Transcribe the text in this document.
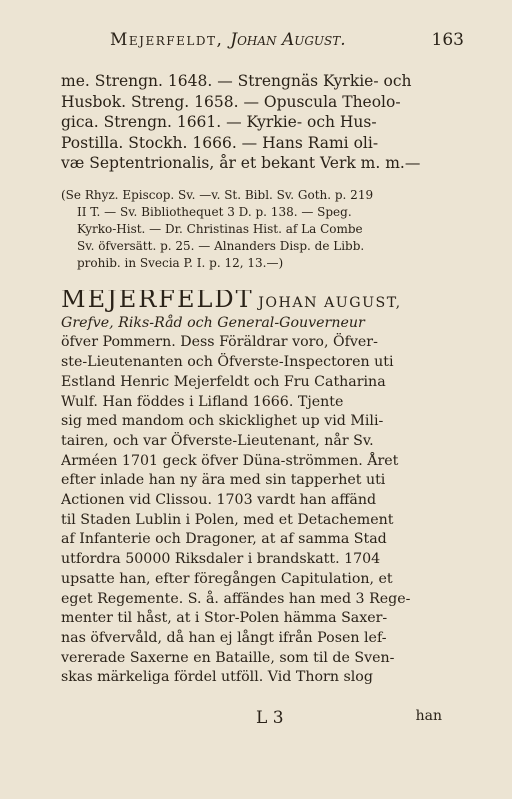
Mejerfeldt, Johan August.	163
me. Strengn. 1648. — Strengnäs Kyrkie- och
Husbok. Streng. 1658. — Opuscula Theolo-
gica. Strengn. 1661. — Kyrkie- och Hus-
Postilla. Stockh. 1666. — Hans Rami oli-
væ Septentrionalis, år et bekant Verk m. m.—
(Se Rhyz. Episcop. Sv. —v. St. Bibl. Sv. Goth. p. 219
II T. — Sv. Bibliothequet 3 D. p. 138. — Speg.
Kyrko-Hist. — Dr. Christinas Hist. af La Combe
Sv. öfversätt. p. 25. — Alnanders Disp. de Libb.
prohib. in Svecia P. I. p. 12, 13.—)
MEJERFELDT JOHAN AUGUST,
Grefve, Riks-Råd och General-Gouverneur
öfver Pommern. Dess Föräldrar voro, Öfver-
ste-Lieutenanten och Öfverste-Inspectoren uti
Estland Henric Mejerfeldt och Fru Catharina
Wulf. Han föddes i Lifland 1666. Tjente
sig med mandom och skicklighet up vid Mili-
tairen, och var Öfverste-Lieutenant, når Sv.
Arméen 1701 geck öfver Düna-strömmen. Året
efter inlade han ny ära med sin tapperhet uti
Actionen vid Clissou. 1703 vardt han affänd
til Staden Lublin i Polen, med et Detachement
af Infanterie och Dragoner, at af samma Stad
utfordra 50000 Riksdaler i brandskatt. 1704
upsatte han, efter föregången Capitulation, et
eget Regemente. S. å. affändes han med 3 Rege-
menter til håst, at i Stor-Polen hämma Saxer-
nas öfvervåld, då han ej långt ifrån Posen lef-
vererade Saxerne en Bataille, som til de Sven-
skas märkeliga fördel utföll. Vid Thorn slog
L 3	han
